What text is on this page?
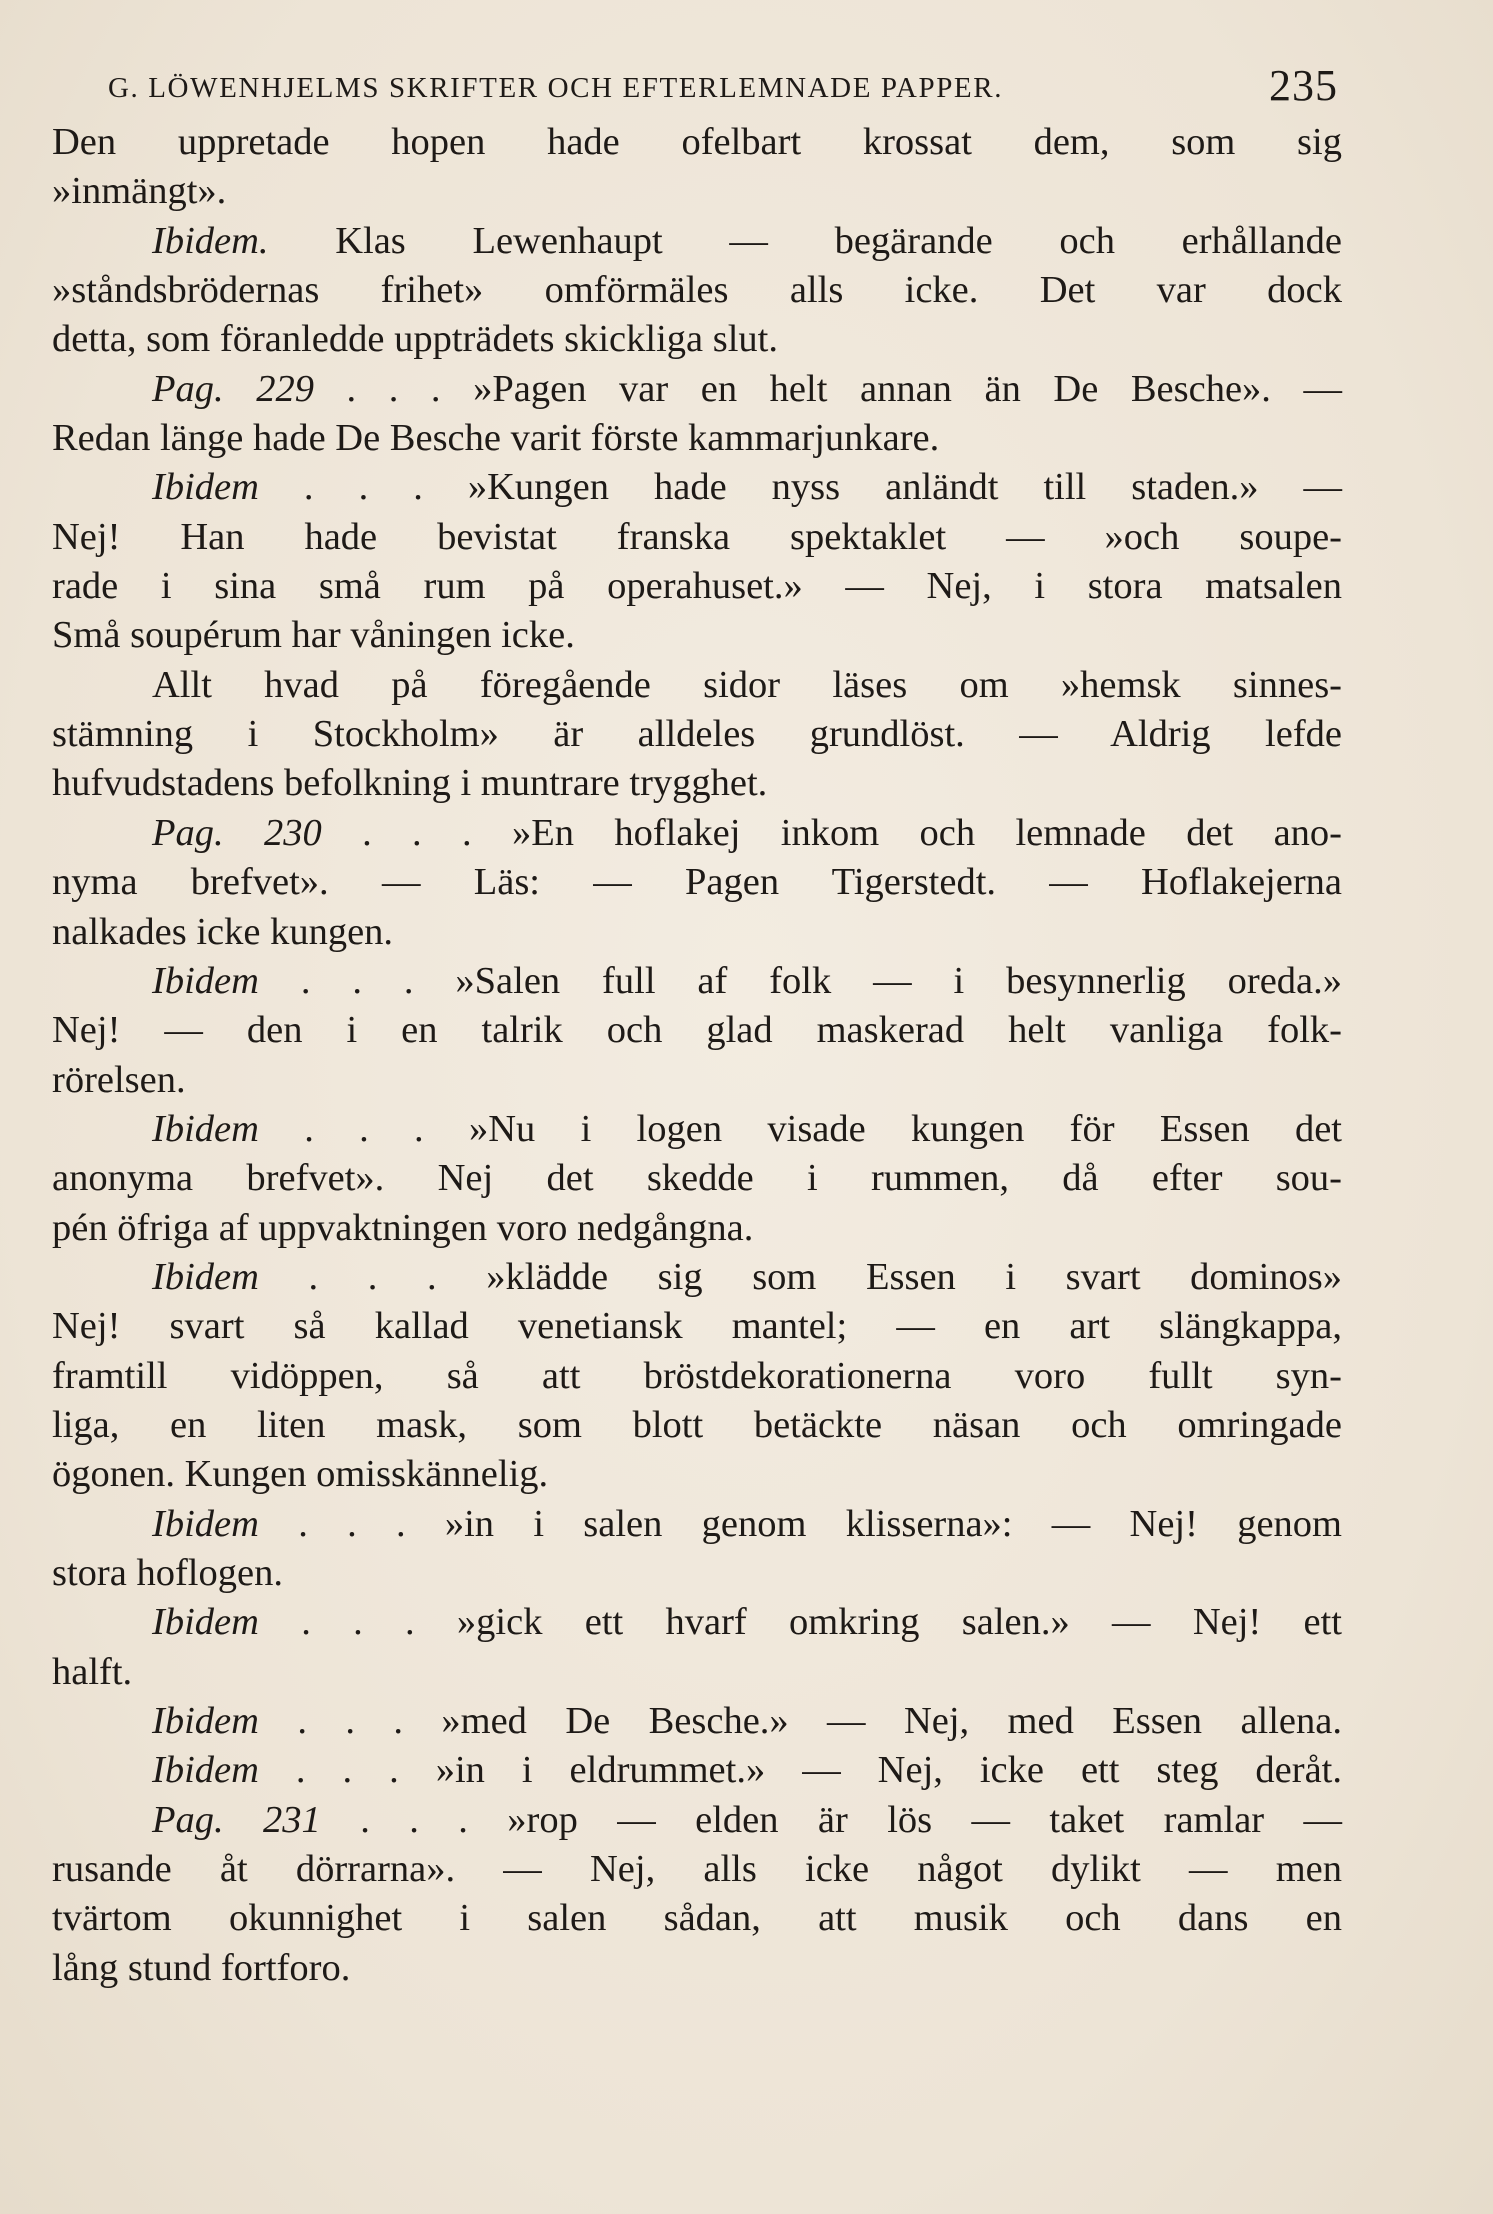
G. LÖWENHJELMS SKRIFTER OCH EFTERLEMNADE PAPPER.	235
Den uppretade hopen hade ofelbart krossat dem, som sig
»inmängt».
Ibidem. Klas Lewenhaupt — begärande och erhållande
»ståndsbrödernas frihet» omförmäles alls icke. Det var dock
detta, som föranledde uppträdets skickliga slut.
Pag. 229 . . . »Pagen var en helt annan än De Besche». —
Redan länge hade De Besche varit förste kammarjunkare.
Ibidem . . . »Kungen hade nyss anländt till staden.» —
Nej! Han hade bevistat franska spektaklet — »och soupe-
rade i sina små rum på operahuset.» — Nej, i stora matsalen
Små soupérum har våningen icke.
Allt hvad på föregående sidor läses om »hemsk sinnes-
stämning i Stockholm» är alldeles grundlöst. — Aldrig lefde
hufvudstadens befolkning i muntrare trygghet.
Pag. 230 . . . »En hoflakej inkom och lemnade det ano-
nyma brefvet». — Läs: — Pagen Tigerstedt. — Hoflakejerna
nalkades icke kungen.
Ibidem . . . »Salen full af folk — i besynnerlig oreda.»
Nej! — den i en talrik och glad maskerad helt vanliga folk-
rörelsen.
Ibidem . . . »Nu i logen visade kungen för Essen det
anonyma brefvet». Nej det skedde i rummen, då efter sou-
pén öfriga af uppvaktningen voro nedgångna.
Ibidem . . . »klädde sig som Essen i svart dominos»
Nej! svart så kallad venetiansk mantel; — en art slängkappa,
framtill vidöppen, så att bröstdekorationerna voro fullt syn-
liga, en liten mask, som blott betäckte näsan och omringade
ögonen. Kungen omisskännelig.
Ibidem . . . »in i salen genom klisserna»: — Nej! genom
stora hoflogen.
Ibidem . . . »gick ett hvarf omkring salen.» — Nej! ett
halft.
Ibidem . . . »med De Besche.» — Nej, med Essen allena.
Ibidem . . . »in i eldrummet.» — Nej, icke ett steg deråt.
Pag. 231 . . . »rop — elden är lös — taket ramlar —
rusande åt dörrarna». — Nej, alls icke något dylikt — men
tvärtom okunnighet i salen sådan, att musik och dans en
lång stund fortforo.
